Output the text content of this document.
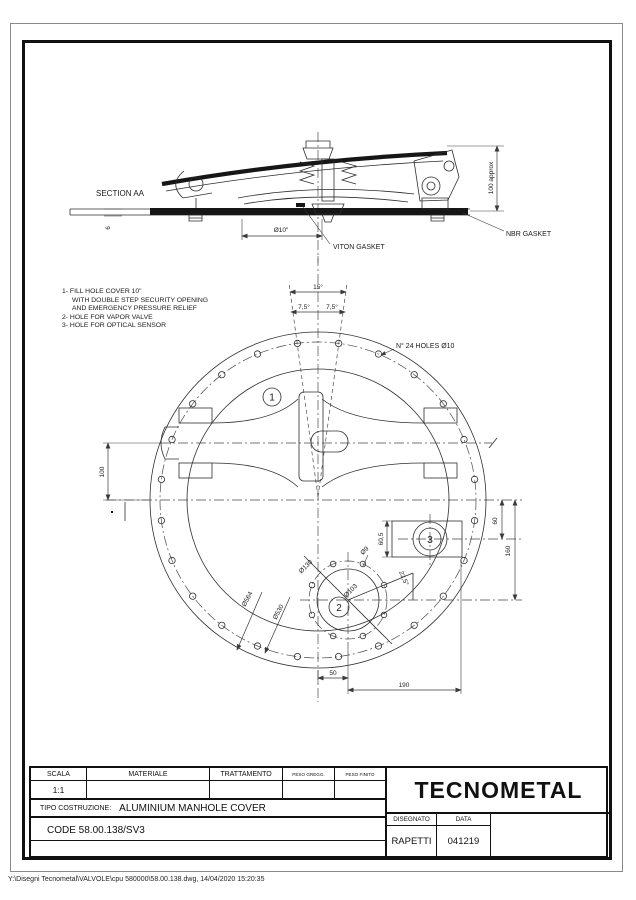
Ø10"
VITON GASKET
NBR GASKET
100 approx
SECTION AA
6
15°
7,5°	7,5°
N° 24 HOLES Ø10
1
22,5°
Ø130
Ø103
Ø9
2
3
60,5
60
160
Ø564
Ø530
50
190
100
1- FILL HOLE COVER 10"
WITH DOUBLE STEP SECURITY OPENING
AND EMERGENCY PRESSURE RELIEF
2- HOLE FOR VAPOR VALVE
3- HOLE FOR OPTICAL SENSOR
SCALA	MATERIALE	TRATTAMENTO	PESO GREGG.	PESO FINITO
1:1
TIPO COSTRUZIONE: ALUMINIUM MANHOLE COVER
CODE 58.00.138/SV3
TECNOMETAL
DISEGNATO	DATA
RAPETTI 041219
Y:\Disegni Tecnometal\VALVOLE\cpu 580000\58.00.138.dwg, 14/04/2020 15:20:35
